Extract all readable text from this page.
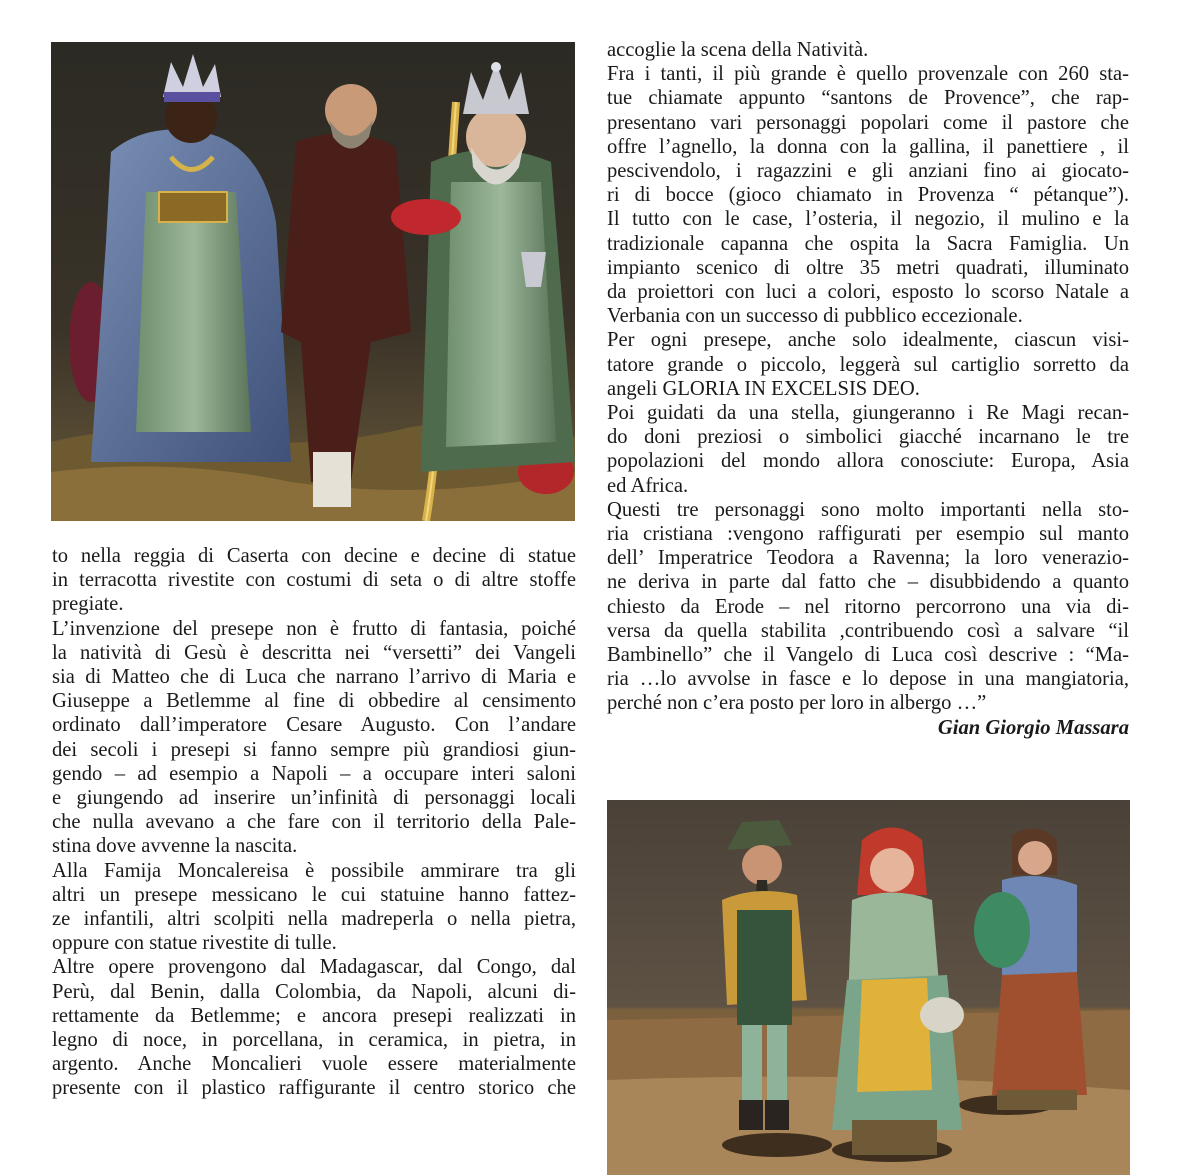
to nella reggia di Caserta con decine e decine di statue
in terracotta rivestite con costumi di seta o di altre stoffe
pregiate.

L’invenzione del presepe non è frutto di fantasia, poiché
la natività di Gesù è descritta nei “versetti” dei Vangeli
sia di Matteo che di Luca che narrano l’arrivo di Maria e
Giuseppe a Betlemme al fine di obbedire al censimento
ordinato dall’imperatore Cesare Augusto. Con l’andare
dei secoli i presepi si fanno sempre più grandiosi giun-
gendo – ad esempio a Napoli – a occupare interi saloni
e giungendo ad inserire un’infinità di personaggi locali
che nulla avevano a che fare con il territorio della Pale-
stina dove avvenne la nascita.

Alla Famija Moncalereisa è possibile ammirare tra gli
altri un presepe messicano le cui statuine hanno fattez-
ze infantili, altri scolpiti nella madreperla o nella pietra,
oppure con statue rivestite di tulle.

Altre opere provengono dal Madagascar, dal Congo, dal
Perù, dal Benin, dalla Colombia, da Napoli, alcuni di-
rettamente da Betlemme; e ancora presepi realizzati in
legno di noce, in porcellana, in ceramica, in pietra, in
argento. Anche Moncalieri vuole essere materialmente
presente con il plastico raffigurante il centro storico che

accoglie la scena della Natività.

Fra i tanti, il più grande è quello provenzale con 260 sta-
tue chiamate appunto “santons de Provence”, che rap-
presentano vari personaggi popolari come il pastore che
offre l’agnello, la donna con la gallina, il panettiere , il
pescivendolo, i ragazzini e gli anziani fino ai giocato-
ri di bocce (gioco chiamato in Provenza “ pétanque”).
Il tutto con le case, l’osteria, il negozio, il mulino e la
tradizionale capanna che ospita la Sacra Famiglia. Un
impianto scenico di oltre 35 metri quadrati, illuminato
da proiettori con luci a colori, esposto lo scorso Natale a
Verbania con un successo di pubblico eccezionale.

Per ogni presepe, anche solo idealmente, ciascun visi-
tatore grande o piccolo, leggerà sul cartiglio sorretto da
angeli GLORIA IN EXCELSIS DEO.

Poi guidati da una stella, giungeranno i Re Magi recan-
do doni preziosi o simbolici giacché incarnano le tre
popolazioni del mondo allora conosciute: Europa, Asia
ed Africa.

Questi tre personaggi sono molto importanti nella sto-
ria cristiana :vengono raffigurati per esempio sul manto
dell’ Imperatrice Teodora a Ravenna; la loro venerazio-
ne deriva in parte dal fatto che – disubbidendo a quanto
chiesto da Erode – nel ritorno percorrono una via di-
versa da quella stabilita ,contribuendo così a salvare “il
Bambinello” che il Vangelo di Luca così descrive : “Ma-
ria …lo avvolse in fasce e lo depose in una mangiatoria,
perché non c’era posto per loro in albergo …”

Gian Giorgio Massara
